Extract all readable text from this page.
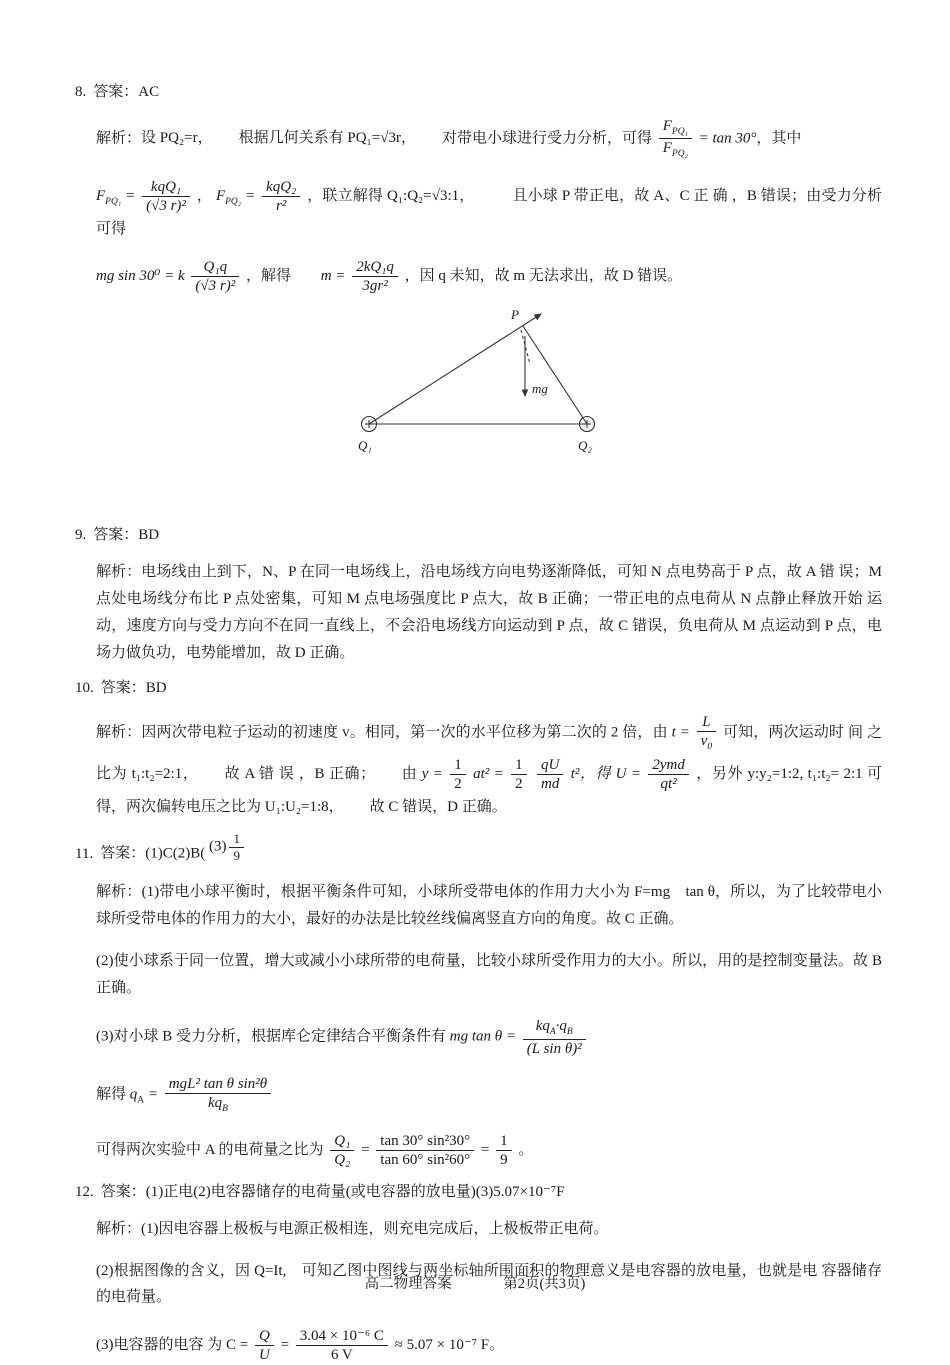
8. 答案：AC

解析：设 PQ₂=r， 根据几何关系有 PQ₁=√3r， 对带电小球进行受力分析，可得 $\frac{F_{PQ_1}}{F_{PQ_2}} = \tan 30^\circ$，其中

$F_{PQ_1} = \frac{\text{kqQ₁}}{\text{(√3 r)²}}$ ， $F_{PQ_2} = \frac{\text{kqQ₂}}{\text{r²}}$ ，联立解得 Q₁:Q₂=√3:1，	且小球 P 带正电，故 A、C 正 确 ，B 错误；由受力分析可得

mg sin 30⁰ = k $\frac{\text{Q₁q}}{\text{(√3 r)²}}$ ，解得 $m = \frac{\text{2kQ₁q}}{\text{3gr²}}$ ，因 q 未知，故 m 无法求出，故 D 错误。

P
mg
Q₁	Q₂
9. 答案：BD

解析：电场线由上到下，N、P 在同一电场线上，沿电场线方向电势逐渐降低，可知 N 点电势高于 P 点，故 A 错 误；M 点处电场线分布比 P 点处密集，可知 M 点电场强度比 P 点大，故 B 正确；一带正电的点电荷从 N 点静止释放开始 运动，速度方向与受力方向不在同一直线上，不会沿电场线方向运动到 P 点，故 C 错误，负电荷从 M 点运动到 P 点，电场力做负功，电势能增加，故 D 正确。

10. 答案：BD

解析：因两次带电粒子运动的初速度 v。相同，第一次的水平位移为第二次的 2 倍，由 $t = \frac{L}{v_0}$ 可知，两次运动时 间 之比为 t₁:t₂=2:1， 故 A 错 误 ，B 正确； 由 $y = \frac{1}{2} at^2 = \frac{1}{2}$
$\frac{qU}{md} t^2$，得 $U = \frac{\text{2ymd}}{\text{qt²}}$ ，另外 y:y₂=1:2, t₁:t₂= 2:1 可得，两次偏转电压之比为 U₁:U₂=1:8， 故 C 错误，D 正确。

11. 答案：(1)C(2)B( $(3) \frac{1}{9}$

解析：(1)带电小球平衡时，根据平衡条件可知，小球所受带电体的作用力大小为 F=mg　tan θ，所以，为了比较带电小球所受带电体的作用力的大小，最好的办法是比较丝线偏离竖直方向的角度。故 C 正确。

(2)使小球系于同一位置，增大或减小小球所带的电荷量，比较小球所受作用力的大小。所以，用的是控制变量法。故 B 正确。

(3)对小球 B 受力分析，根据库仑定律结合平衡条件有 mg $\tan \theta = \frac{kq_A\cdot q_B}{\text{(L sin θ)²}}$

解得 $q_A = \frac{\text{mgL² tan θ sin²θ}}{kq_B}$

可得两次实验中 A 的电荷量之比为 $\frac{\text{Q₁}}{\text{Q₂}} = \frac{\text{tan 30° sin²30°}}{\text{tan 60° sin²60°}} = \frac{1}{9}$ 。

12. 答案：(1)正电(2)电容器储存的电荷量(或电容器的放电量)(3)5.07×10⁻⁷F

解析：(1)因电容器上极板与电源正极相连，则充电完成后，上极板带正电荷。

(2)根据图像的含义，因 Q=It,　可知乙图中图线与两坐标轴所围面积的物理意义是电容器的放电量，也就是电 容器储存的电荷量。

(3)电容器的电容 为 $C = \frac{Q}{U} = \frac{\text{3.04 × 10⁻⁶ C}}{6 V} \approx 5.07 \times 10^{-7}$ F。

高二物理答案	第2页(共3页)
